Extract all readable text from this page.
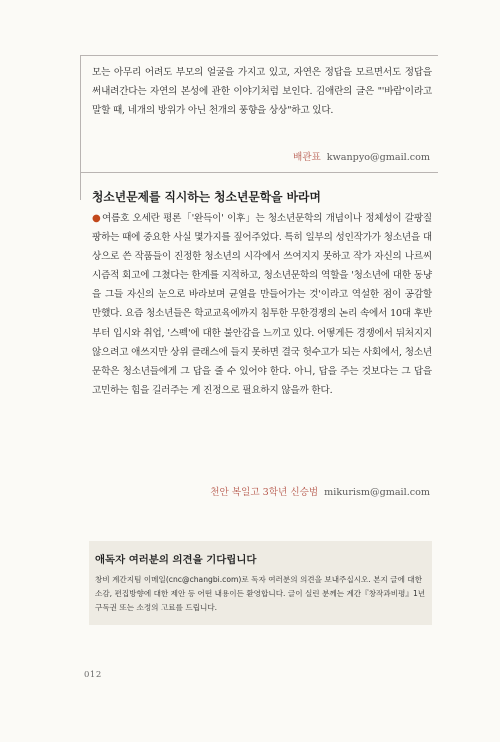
모는 아무리 어려도 부모의 얼굴을 가지고 있고, 자연은 정답을 모르면서도 정답을 써내려간다는 자연의 본성에 관한 이야기처럼 보인다. 김애란의 글은 "'바람'이라고 말할 때, 네개의 방위가 아닌 천개의 풍향을 상상"하고 있다.

배관표 kwanpyo@gmail.com
청소년문제를 직시하는 청소년문학을 바라며

●여름호 오세란 평론「'완득이' 이후」는 청소년문학의 개념이나 정체성이 갈팡질팡하는 때에 중요한 사실 몇가지를 짚어주었다. 특히 일부의 성인작가가 청소년을 대상으로 쓴 작품들이 진정한 청소년의 시각에서 쓰여지지 못하고 작가 자신의 나르씨시즘적 회고에 그쳤다는 한계를 지적하고, 청소년문학의 역할을 '청소년에 대한 동냥을 그들 자신의 눈으로 바라보며 균열을 만들어가는 것'이라고 역설한 점이 공감할 만했다. 요즘 청소년들은 학교교육에까지 침투한 무한경쟁의 논리 속에서 10대 후반부터 입시와 취업, '스펙'에 대한 불안감을 느끼고 있다. 어떻게든 경쟁에서 뒤처지지 않으려고 애쓰지만 상위 클래스에 들지 못하면 결국 헛수고가 되는 사회에서, 청소년문학은 청소년들에게 그 답을 줄 수 있어야 한다. 아니, 답을 주는 것보다는 그 답을 고민하는 힘을 길러주는 게 진정으로 필요하지 않을까 한다.

천안 복일고 3학년 신승범 mikurism@gmail.com
애독자 여러분의 의견을 기다립니다

창비 계간지팀 이메일(cnc@changbi.com)로 독자 여러분의 의견을 보내주십시오. 본지 글에 대한 소감, 편집방향에 대한 제안 등 어떤 내용이든 환영합니다. 글이 실린 분께는 계간『창작과비평』1년 구독권 또는 소정의 고료를 드립니다.

012
